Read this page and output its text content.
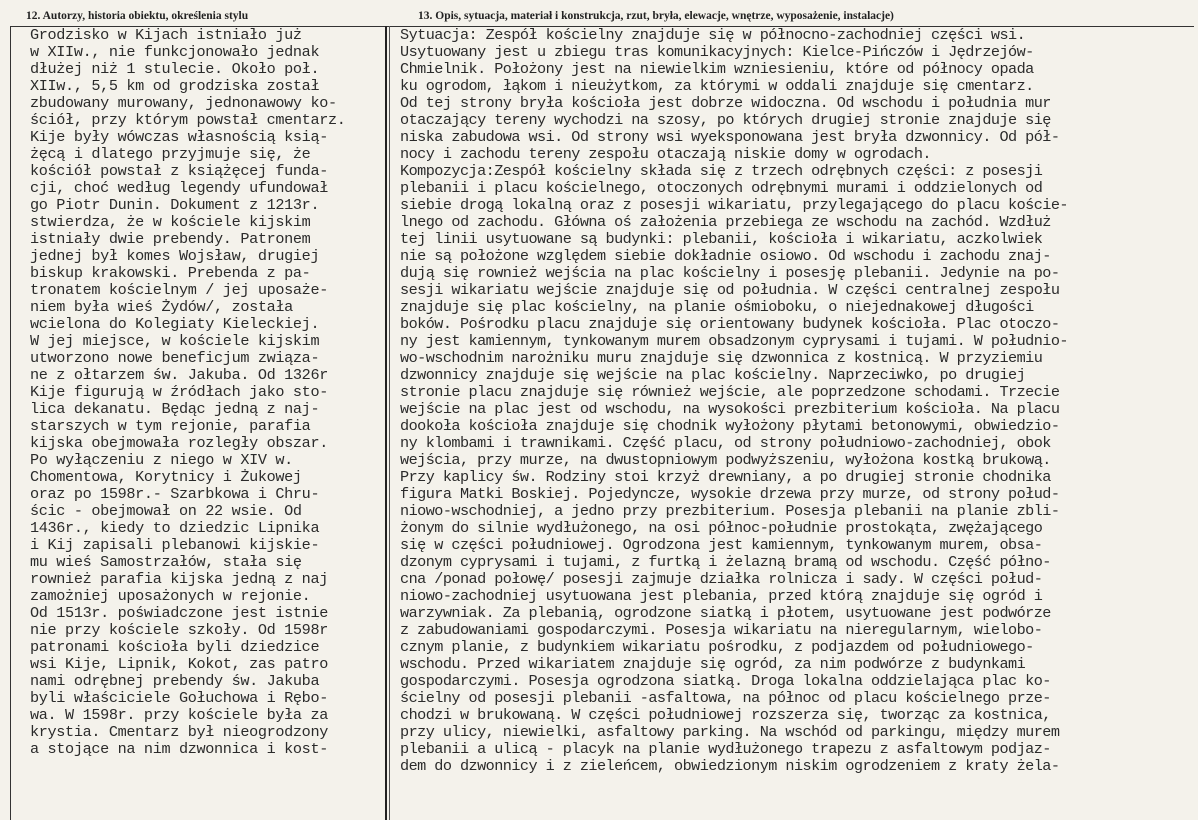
12. Autorzy, historia obiektu, określenia stylu	13. Opis, sytuacja, materiał i konstrukcja, rzut, bryła, elewacje, wnętrze, wyposażenie, instalacje)
Grodzisko w Kijach istniało już
w XIIw., nie funkcjonowało jednak
dłużej niż 1 stulecie. Około poł.
XIIw., 5,5 km od grodziska został
zbudowany murowany, jednonawowy ko-
ściół, przy którym powstał cmentarz.
Kije były wówczas własnością ksią-
żęcą i dlatego przyjmuje się, że
kościół powstał z książęcej funda-
cji, choć według legendy ufundował
go Piotr Dunin. Dokument z 1213r.
stwierdza, że w kościele kijskim
istniały dwie prebendy. Patronem
jednej był komes Wojsław, drugiej
biskup krakowski. Prebenda z pa-
tronatem kościelnym / jej uposaże-
niem była wieś Żydów/, została
wcielona do Kolegiaty Kieleckiej.
W jej miejsce, w kościele kijskim
utworzono nowe beneficjum związa-
ne z ołtarzem św. Jakuba. Od 1326r
Kije figurują w źródłach jako sto-
lica dekanatu. Będąc jedną z naj-
starszych w tym rejonie, parafia
kijska obejmowała rozległy obszar.
Po wyłączeniu z niego w XIV w.
Chomentowa, Korytnicy i Żukowej
oraz po 1598r.- Szarbkowa i Chru-
ścic - obejmował on 22 wsie. Od
1436r., kiedy to dziedzic Lipnika
i Kij zapisali plebanowi kijskie-
mu wieś Samostrzałów, stała się
rownież parafia kijska jedną z naj
zamożniej uposażonych w rejonie.
Od 1513r. poświadczone jest istnie
nie przy kościele szkoły. Od 1598r
patronami kościoła byli dziedzice
wsi Kije, Lipnik, Kokot, zas patro
nami odrębnej prebendy św. Jakuba
byli właściciele Gołuchowa i Rębo-
wa. W 1598r. przy kościele była za
krystia. Cmentarz był nieogrodzony
a stojące na nim dzwonnica i kost-
Sytuacja: Zespół kościelny znajduje się w północno-zachodniej części wsi.
Usytuowany jest u zbiegu tras komunikacyjnych: Kielce-Pińczów i Jędrzejów-
Chmielnik. Położony jest na niewielkim wzniesieniu, które od północy opada
ku ogrodom, łąkom i nieużytkom, za którymi w oddali znajduje się cmentarz.
Od tej strony bryła kościoła jest dobrze widoczna. Od wschodu i południa mur
otaczający tereny wychodzi na szosy, po których drugiej stronie znajduje się
niska zabudowa wsi. Od strony wsi wyeksponowana jest bryła dzwonnicy. Od pół-
nocy i zachodu tereny zespołu otaczają niskie domy w ogrodach.
Kompozycja:Zespół kościelny składa się z trzech odrębnych części: z posesji
plebanii i placu kościelnego, otoczonych odrębnymi murami i oddzielonych od
siebie drogą lokalną oraz z posesji wikariatu, przylegającego do placu koście-
lnego od zachodu. Główna oś założenia przebiega ze wschodu na zachód. Wzdłuż
tej linii usytuowane są budynki: plebanii, kościoła i wikariatu, aczkolwiek
nie są położone względem siebie dokładnie osiowo. Od wschodu i zachodu znaj-
dują się rownież wejścia na plac kościelny i posesję plebanii. Jedynie na po-
sesji wikariatu wejście znajduje się od południa. W części centralnej zespołu
znajduje się plac kościelny, na planie ośmioboku, o niejednakowej długości
boków. Pośrodku placu znajduje się orientowany budynek kościoła. Plac otoczo-
ny jest kamiennym, tynkowanym murem obsadzonym cyprysami i tujami. W południo-
wo-wschodnim narożniku muru znajduje się dzwonnica z kostnicą. W przyziemiu
dzwonnicy znajduje się wejście na plac kościelny. Naprzeciwko, po drugiej
stronie placu znajduje się również wejście, ale poprzedzone schodami. Trzecie
wejście na plac jest od wschodu, na wysokości prezbiterium kościoła. Na placu
dookoła kościoła znajduje się chodnik wyłożony płytami betonowymi, obwiedzio-
ny klombami i trawnikami. Część placu, od strony południowo-zachodniej, obok
wejścia, przy murze, na dwustopniowym podwyższeniu, wyłożona kostką brukową.
Przy kaplicy św. Rodziny stoi krzyż drewniany, a po drugiej stronie chodnika
figura Matki Boskiej. Pojedyncze, wysokie drzewa przy murze, od strony połud-
niowo-wschodniej, a jedno przy prezbiterium. Posesja plebanii na planie zbli-
żonym do silnie wydłużonego, na osi północ-południe prostokąta, zwężającego
się w części południowej. Ogrodzona jest kamiennym, tynkowanym murem, obsa-
dzonym cyprysami i tujami, z furtką i żelazną bramą od wschodu. Część półno-
cna /ponad połowę/ posesji zajmuje działka rolnicza i sady. W części połud-
niowo-zachodniej usytuowana jest plebania, przed którą znajduje się ogród i
warzywniak. Za plebanią, ogrodzone siatką i płotem, usytuowane jest podwórze
z zabudowaniami gospodarczymi. Posesja wikariatu na nieregularnym, wielobo-
cznym planie, z budynkiem wikariatu pośrodku, z podjazdem od południowego-
wschodu. Przed wikariatem znajduje się ogród, za nim podwórze z budynkami
gospodarczymi. Posesja ogrodzona siatką. Droga lokalna oddzielająca plac ko-
ścielny od posesji plebanii -asfaltowa, na północ od placu kościelnego prze-
chodzi w brukowaną. W części południowej rozszerza się, tworząc za kostnica,
przy ulicy, niewielki, asfaltowy parking. Na wschód od parkingu, między murem
plebanii a ulicą - placyk na planie wydłużonego trapezu z asfaltowym podjaz-
dem do dzwonnicy i z zieleńcem, obwiedzionym niskim ogrodzeniem z kraty żela-
